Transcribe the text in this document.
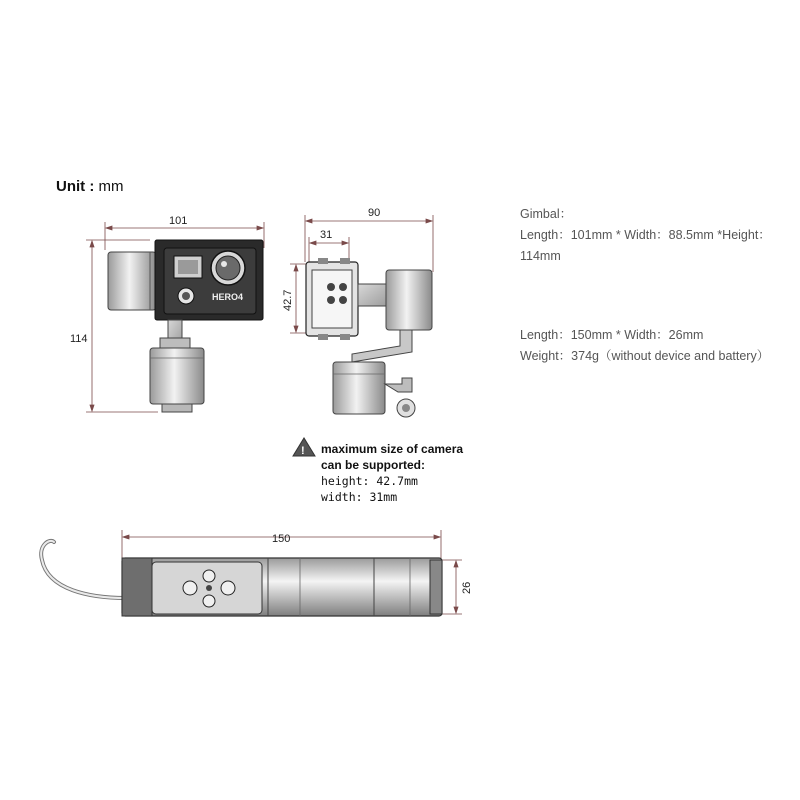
Unit : mm
Gimbal：
Length：101mm * Width：88.5mm *Height：114mm
Length：150mm * Width：26mm
Weight：374g（without device and battery）
101
114
HERO4
90
31
42.7
! maximum size of camera
can be supported:
height: 42.7mm
width: 31mm
150
26
